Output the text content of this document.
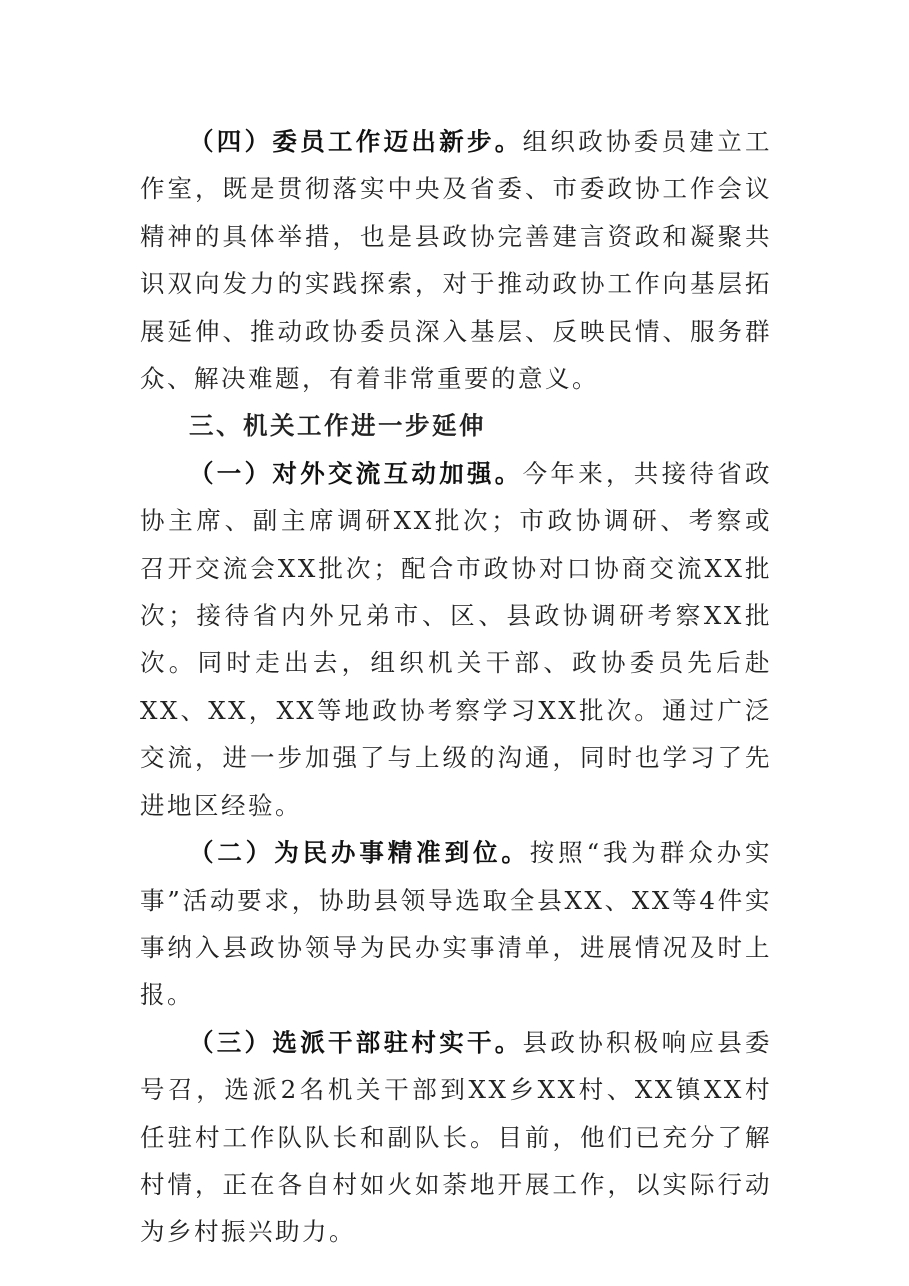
（四）委员工作迈出新步。组织政协委员建立工作室，既是贯彻落实中央及省委、市委政协工作会议精神的具体举措，也是县政协完善建言资政和凝聚共识双向发力的实践探索，对于推动政协工作向基层拓展延伸、推动政协委员深入基层、反映民情、服务群众、解决难题，有着非常重要的意义。

三、机关工作进一步延伸

（一）对外交流互动加强。今年来，共接待省政协主席、副主席调研XX批次；市政协调研、考察或召开交流会XX批次；配合市政协对口协商交流XX批次；接待省内外兄弟市、区、县政协调研考察XX批次。同时走出去，组织机关干部、政协委员先后赴XX、XX，XX等地政协考察学习XX批次。通过广泛交流，进一步加强了与上级的沟通，同时也学习了先进地区经验。

（二）为民办事精准到位。按照“我为群众办实事”活动要求，协助县领导选取全县XX、XX等4件实事纳入县政协领导为民办实事清单，进展情况及时上报。

（三）选派干部驻村实干。县政协积极响应县委号召，选派2名机关干部到XX乡XX村、XX镇XX村任驻村工作队队长和副队长。目前，他们已充分了解村情，正在各自村如火如荼地开展工作，以实际行动为乡村振兴助力。
